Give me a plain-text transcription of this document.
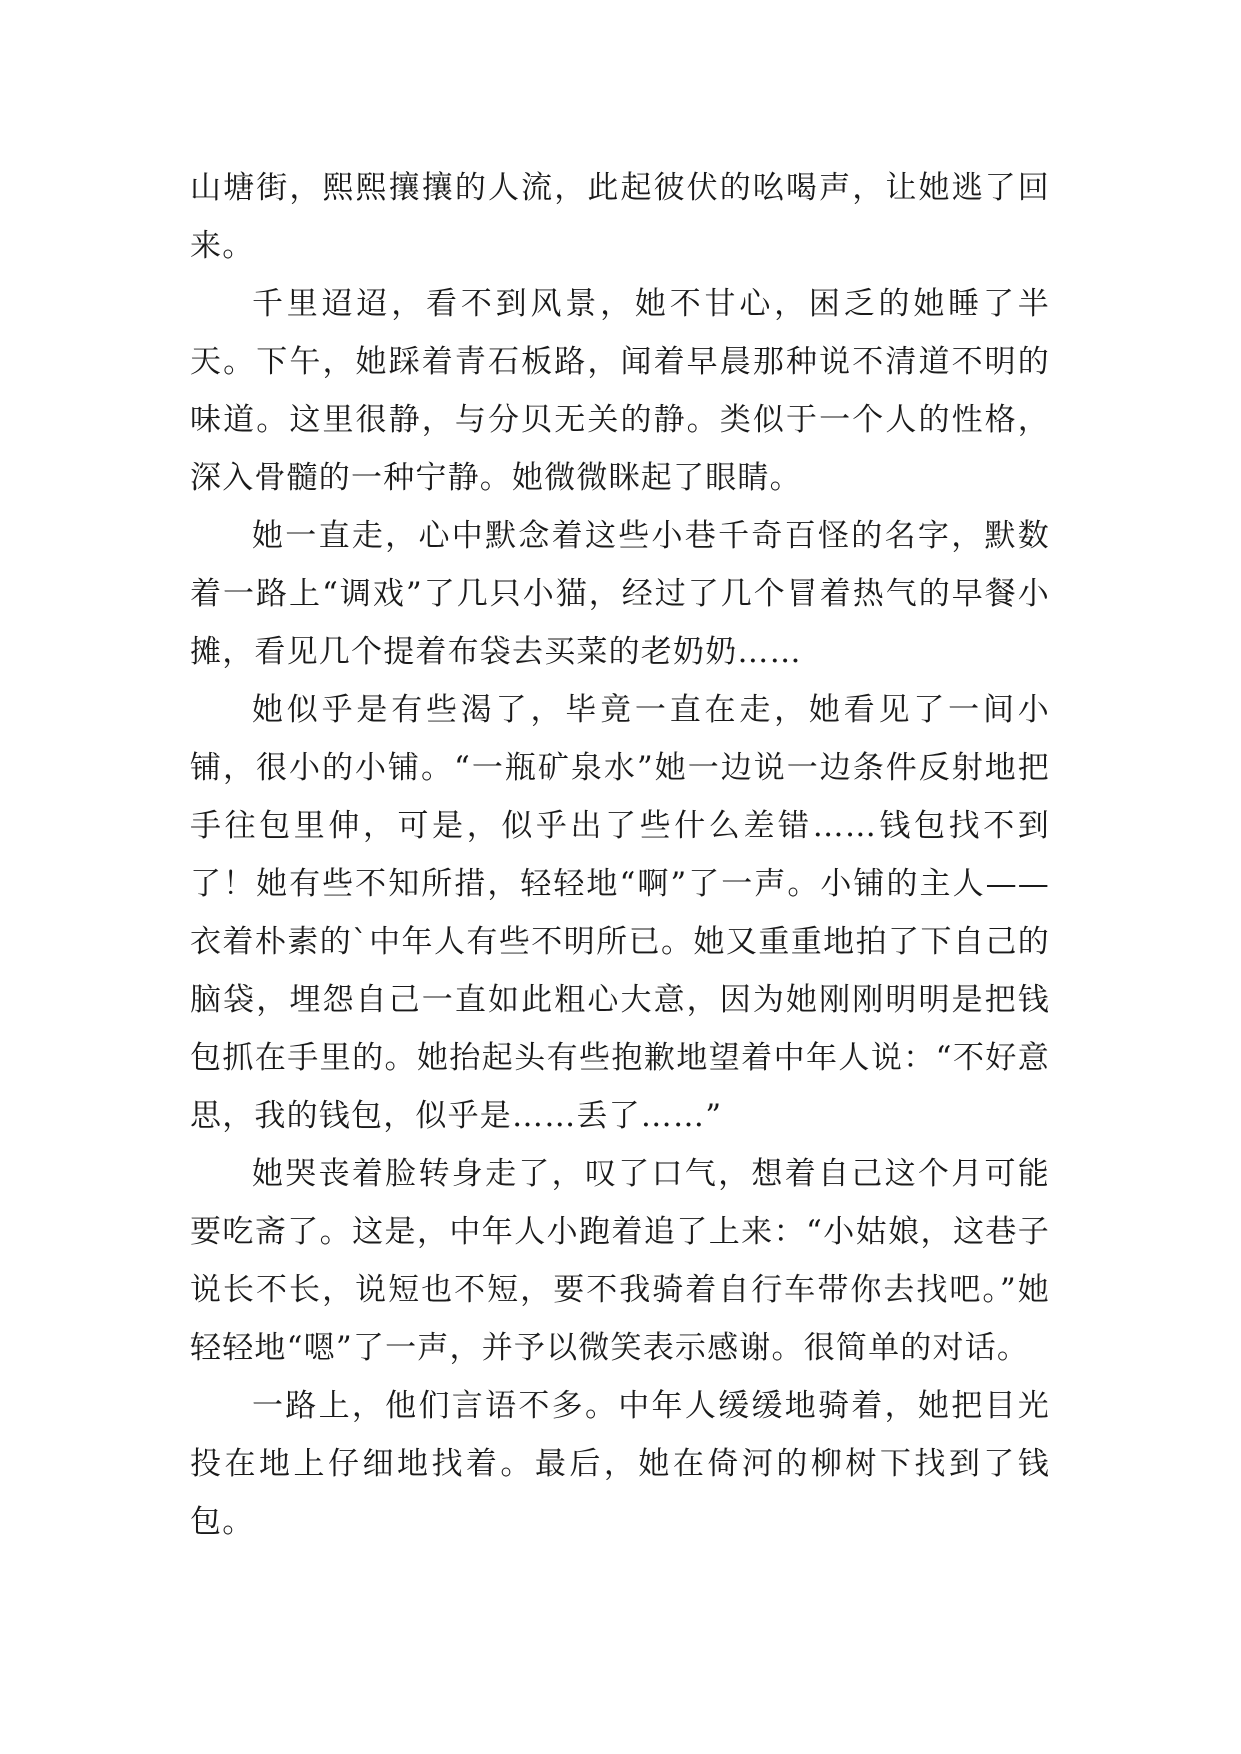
山塘街，熙熙攘攘的人流，此起彼伏的吆喝声，让她逃了回来。

千里迢迢，看不到风景，她不甘心，困乏的她睡了半天。下午，她踩着青石板路，闻着早晨那种说不清道不明的味道。这里很静，与分贝无关的静。类似于一个人的性格，深入骨髓的一种宁静。她微微眯起了眼睛。

她一直走，心中默念着这些小巷千奇百怪的名字，默数着一路上“调戏”了几只小猫，经过了几个冒着热气的早餐小摊，看见几个提着布袋去买菜的老奶奶……

她似乎是有些渴了，毕竟一直在走，她看见了一间小铺，很小的小铺。“一瓶矿泉水”她一边说一边条件反射地把手往包里伸，可是，似乎出了些什么差错……钱包找不到了！她有些不知所措，轻轻地“啊”了一声。小铺的主人——衣着朴素的`中年人有些不明所已。她又重重地拍了下自己的脑袋，埋怨自己一直如此粗心大意，因为她刚刚明明是把钱包抓在手里的。她抬起头有些抱歉地望着中年人说：“不好意思，我的钱包，似乎是……丢了……”

她哭丧着脸转身走了，叹了口气，想着自己这个月可能要吃斋了。这是，中年人小跑着追了上来：“小姑娘，这巷子说长不长，说短也不短，要不我骑着自行车带你去找吧。”她轻轻地“嗯”了一声，并予以微笑表示感谢。很简单的对话。

一路上，他们言语不多。中年人缓缓地骑着，她把目光投在地上仔细地找着。最后，她在倚河的柳树下找到了钱包。
